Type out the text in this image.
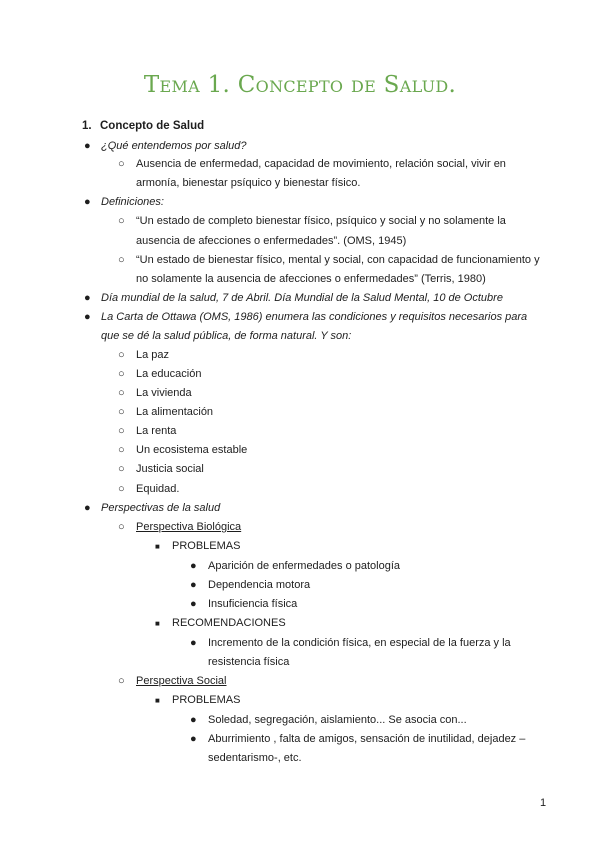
Tema 1. Concepto de Salud.
1. Concepto de Salud
● ¿Qué entendemos por salud?
○ Ausencia de enfermedad, capacidad de movimiento, relación social, vivir en
armonía, bienestar psíquico y bienestar físico.
● Definiciones:
○ “Un estado de completo bienestar físico, psíquico y social y no solamente la
ausencia de afecciones o enfermedades”. (OMS, 1945)
○ “Un estado de bienestar físico, mental y social, con capacidad de funcionamiento y
no solamente la ausencia de afecciones o enfermedades” (Terris, 1980)
● Día mundial de la salud, 7 de Abril. Día Mundial de la Salud Mental, 10 de Octubre
● La Carta de Ottawa (OMS, 1986) enumera las condiciones y requisitos necesarios para
que se dé la salud pública, de forma natural. Y son:
○ La paz
○ La educación
○ La vivienda
○ La alimentación
○ La renta
○ Un ecosistema estable
○ Justicia social
○ Equidad.
● Perspectivas de la salud
○ Perspectiva Biológica
■ PROBLEMAS
● Aparición de enfermedades o patología
● Dependencia motora
● Insuficiencia física
■ RECOMENDACIONES
● Incremento de la condición física, en especial de la fuerza y la
resistencia física
○ Perspectiva Social
■ PROBLEMAS
● Soledad, segregación, aislamiento... Se asocia con...
● Aburrimiento , falta de amigos, sensación de inutilidad, dejadez –
sedentarismo-, etc.
1
